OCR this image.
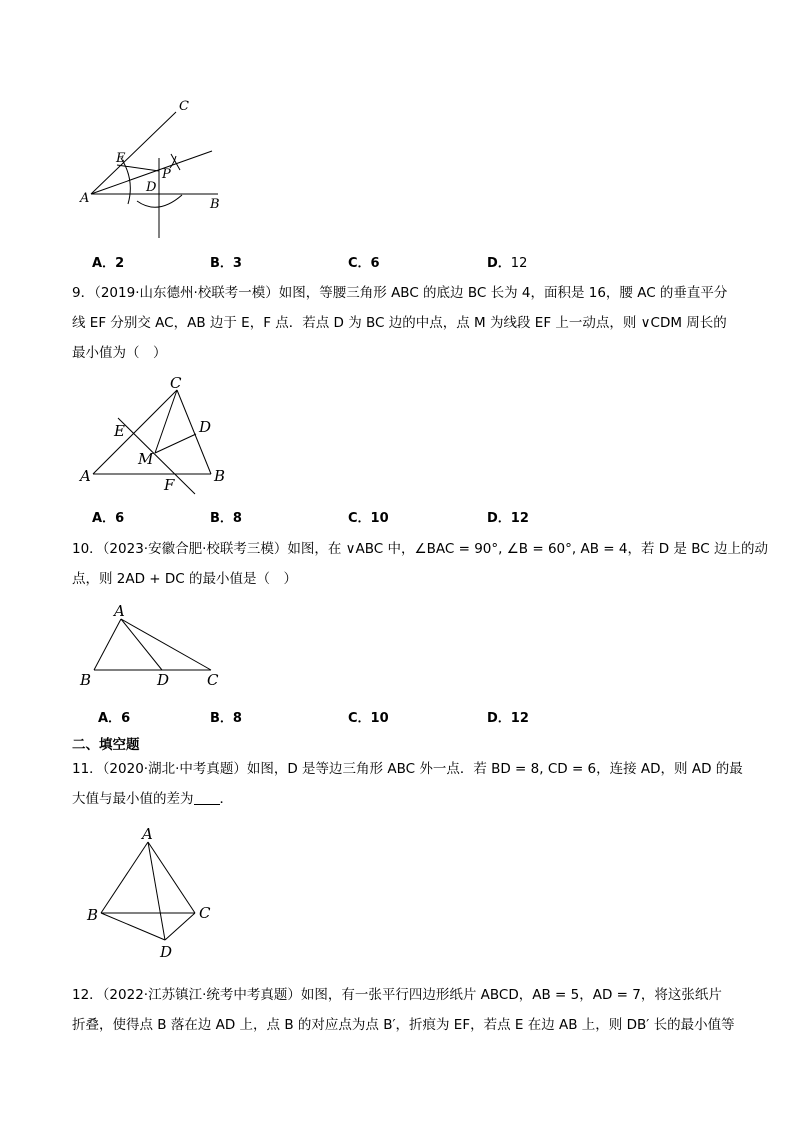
C
E
P
D
A	B
A．2	B．3	C．6	D．12
9．（2019·山东德州·校联考一模）如图，等腰三角形 ABC 的底边 BC 长为 4，面积是 16，腰 AC 的垂直平分
线 EF 分别交 AC，AB 边于 E，F 点．若点 D 为 BC 边的中点，点 M 为线段 EF 上一动点，则 ∨CDM 周长的
最小值为（　）
C
D
E
M
A	F	B
A．6	B．8	C．10	D．12
10．（2023·安徽合肥·校联考三模）如图，在 ∨ABC 中，∠BAC = 90°, ∠B = 60°, AB = 4，若 D 是 BC 边上的动
点，则 2AD + DC 的最小值是（　）
A
B	D	C
A．6	B．8	C．10	D．12
二、填空题
11．（2020·湖北·中考真题）如图，D 是等边三角形 ABC 外一点．若 BD = 8, CD = 6，连接 AD，则 AD 的最
大值与最小值的差为 ．
A
B	C
D
12．（2022·江苏镇江·统考中考真题）如图，有一张平行四边形纸片 ABCD，AB = 5，AD = 7，将这张纸片
折叠，使得点 B 落在边 AD 上，点 B 的对应点为点 B′，折痕为 EF，若点 E 在边 AB 上，则 DB′ 长的最小值等
